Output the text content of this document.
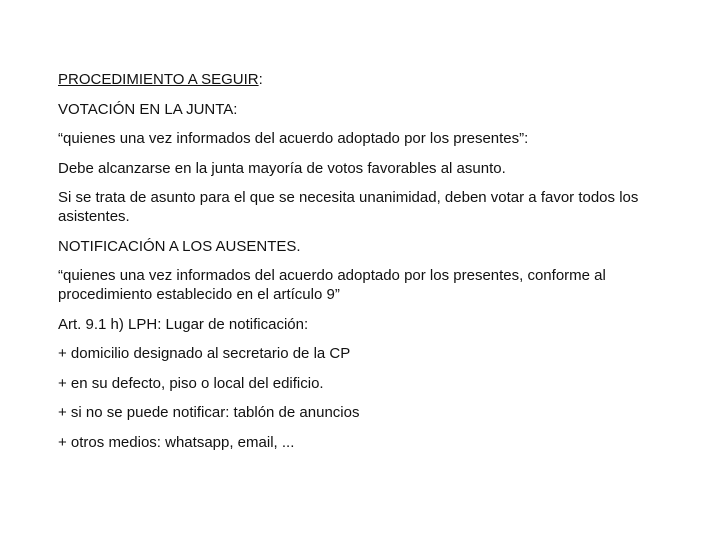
PROCEDIMIENTO A SEGUIR:

VOTACIÓN EN LA JUNTA:

“quienes una vez informados del acuerdo adoptado por los presentes”:

Debe alcanzarse en la junta mayoría de votos favorables al asunto.

Si se trata de asunto para el que se necesita unanimidad, deben votar a favor todos los asistentes.

NOTIFICACIÓN A LOS AUSENTES.

“quienes una vez informados del acuerdo adoptado por los presentes, conforme al procedimiento establecido en el artículo 9”

Art. 9.1 h) LPH: Lugar de notificación:

+ domicilio designado al secretario de la CP

+ en su defecto, piso o local del edificio.

+ si no se puede notificar: tablón de anuncios

+ otros medios: whatsapp, email, ...
